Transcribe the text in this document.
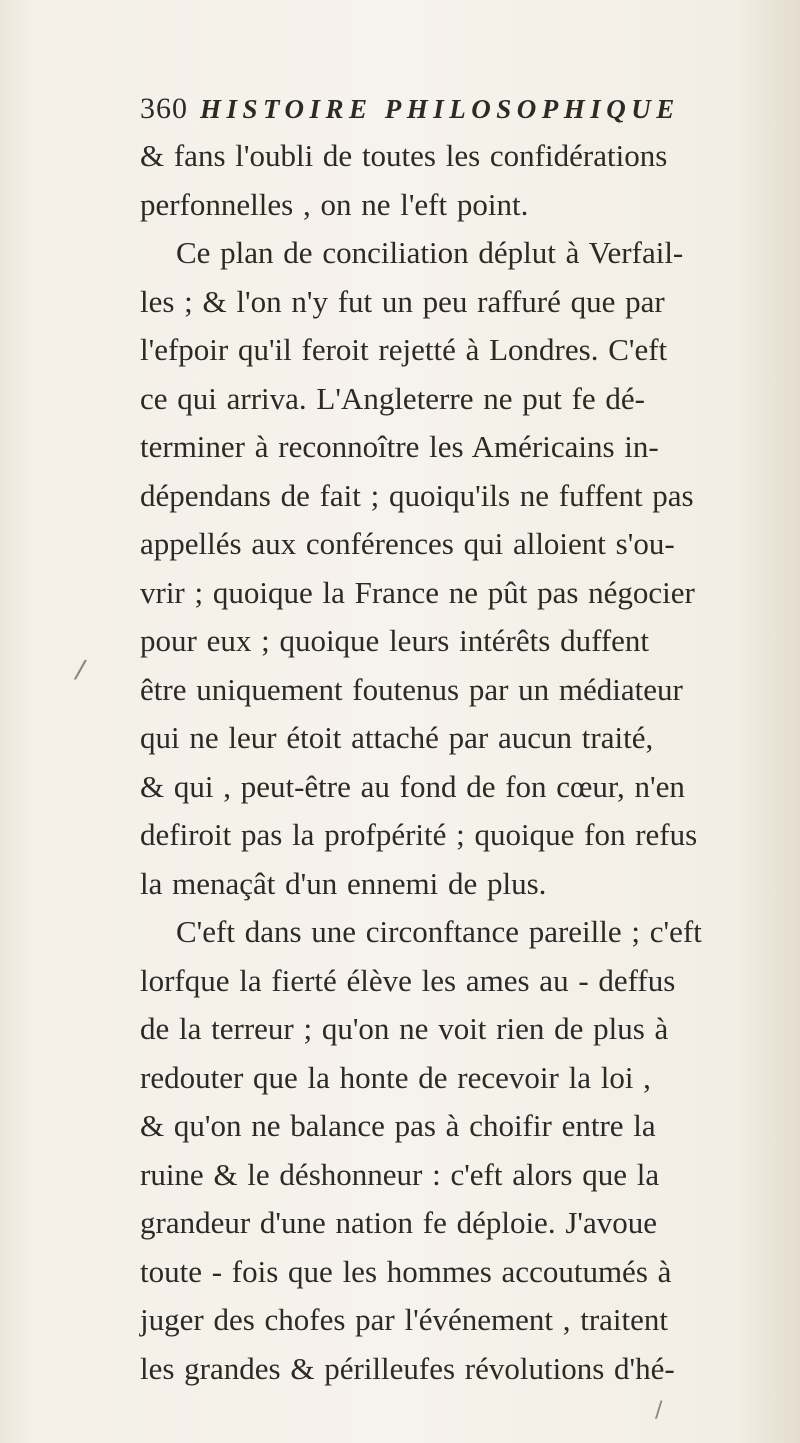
360 HISTOIRE PHILOSOPHIQUE
& fans l'oubli de toutes les confidérations
perfonnelles , on ne l'eft point.
Ce plan de conciliation déplut à Verfail-
les ; & l'on n'y fut un peu raffuré que par
l'efpoir qu'il feroit rejetté à Londres. C'eft
ce qui arriva. L'Angleterre ne put fe dé-
terminer à reconnoître les Américains in-
dépendans de fait ; quoiqu'ils ne fuffent pas
appellés aux conférences qui alloient s'ou-
vrir ; quoique la France ne pût pas négocier
pour eux ; quoique leurs intérêts duffent
être uniquement foutenus par un médiateur
qui ne leur étoit attaché par aucun traité,
& qui , peut-être au fond de fon cœur, n'en
defiroit pas la profpérité ; quoique fon refus
la menaçât d'un ennemi de plus.
C'eft dans une circonftance pareille ; c'eft
lorfque la fierté élève les ames au - deffus
de la terreur ; qu'on ne voit rien de plus à
redouter que la honte de recevoir la loi ,
& qu'on ne balance pas à choifir entre la
ruine & le déshonneur : c'eft alors que la
grandeur d'une nation fe déploie. J'avoue
toute - fois que les hommes accoutumés à
juger des chofes par l'événement , traitent
les grandes & périlleufes révolutions d'hé-
/
/
